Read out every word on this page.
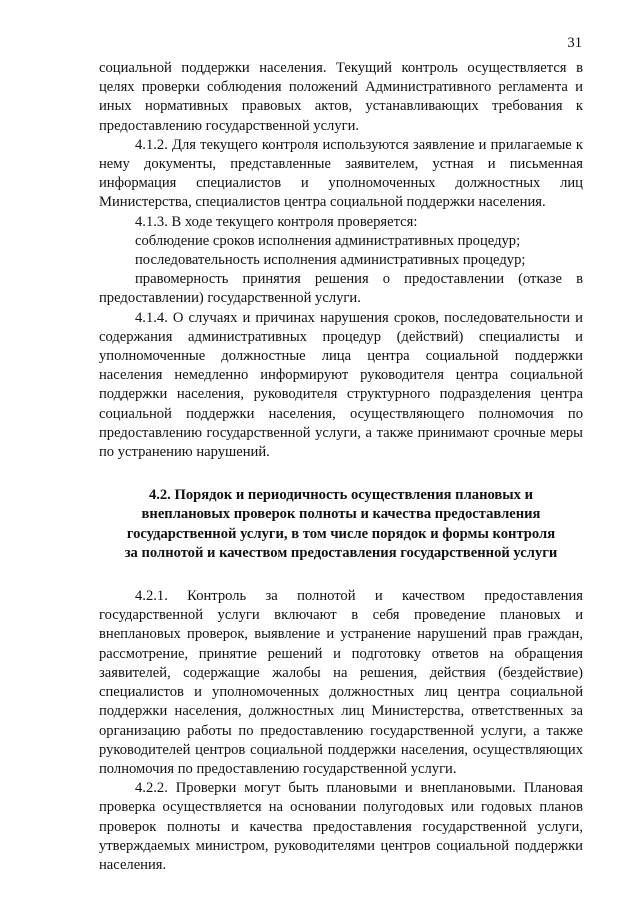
31

социальной поддержки населения. Текущий контроль осуществляется в целях проверки соблюдения положений Административного регламента и иных нормативных правовых актов, устанавливающих требования к предоставлению государственной услуги.

4.1.2. Для текущего контроля используются заявление и прилагаемые к нему документы, представленные заявителем, устная и письменная информация специалистов и уполномоченных должностных лиц Министерства, специалистов центра социальной поддержки населения.

4.1.3. В ходе текущего контроля проверяется:

соблюдение сроков исполнения административных процедур;

последовательность исполнения административных процедур;

правомерность принятия решения о предоставлении (отказе в предоставлении) государственной услуги.

4.1.4. О случаях и причинах нарушения сроков, последовательности и содержания административных процедур (действий) специалисты и уполномоченные должностные лица центра социальной поддержки населения немедленно информируют руководителя центра социальной поддержки населения, руководителя структурного подразделения центра социальной поддержки населения, осуществляющего полномочия по предоставлению государственной услуги, а также принимают срочные меры по устранению нарушений.

4.2. Порядок и периодичность осуществления плановых и
внеплановых проверок полноты и качества предоставления
государственной услуги, в том числе порядок и формы контроля
за полнотой и качеством предоставления государственной услуги

4.2.1. Контроль за полнотой и качеством предоставления государственной услуги включают в себя проведение плановых и внеплановых проверок, выявление и устранение нарушений прав граждан, рассмотрение, принятие решений и подготовку ответов на обращения заявителей, содержащие жалобы на решения, действия (бездействие) специалистов и уполномоченных должностных лиц центра социальной поддержки населения, должностных лиц Министерства, ответственных за организацию работы по предоставлению государственной услуги, а также руководителей центров социальной поддержки населения, осуществляющих полномочия по предоставлению государственной услуги.

4.2.2. Проверки могут быть плановыми и внеплановыми. Плановая проверка осуществляется на основании полугодовых или годовых планов проверок полноты и качества предоставления государственной услуги, утверждаемых министром, руководителями центров социальной поддержки населения.
